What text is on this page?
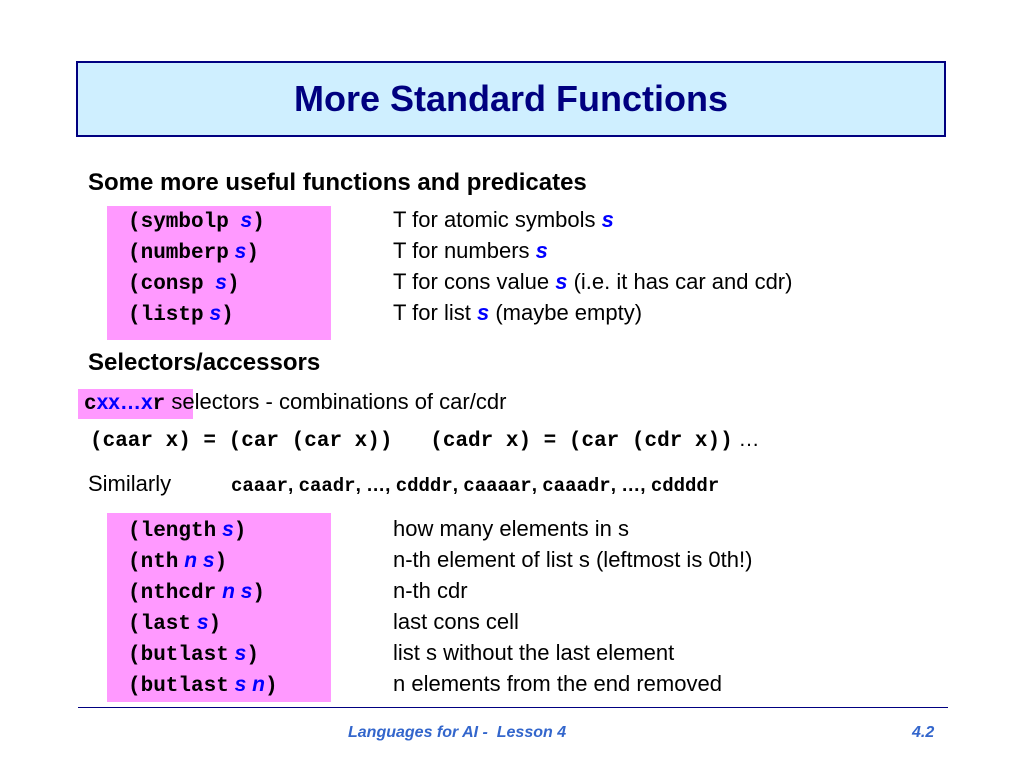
More Standard Functions
Some more useful functions and predicates
(symbolp s)
(numberp s)
(consp s)
(listp s)
T for atomic symbols s
T for numbers s
T for cons value s (i.e. it has car and cdr)
T for list s (maybe empty)
Selectors/accessors
cxx…xr selectors - combinations of car/cdr
(caar x) = (car (car x))   (cadr x) = (car (cdr x)) …
Similarly	caaar, caadr, …, cdddr, caaaar, caaadr, …, cddddr
(length s)
(nth n s)
(nthcdr n s)
(last s)
(butlast s)
(butlast s n)
how many elements in s
n-th element of list s (leftmost is 0th!)
n-th cdr
last cons cell
list s without the last element
n elements from the end removed
Languages for AI -  Lesson 4	4.2
